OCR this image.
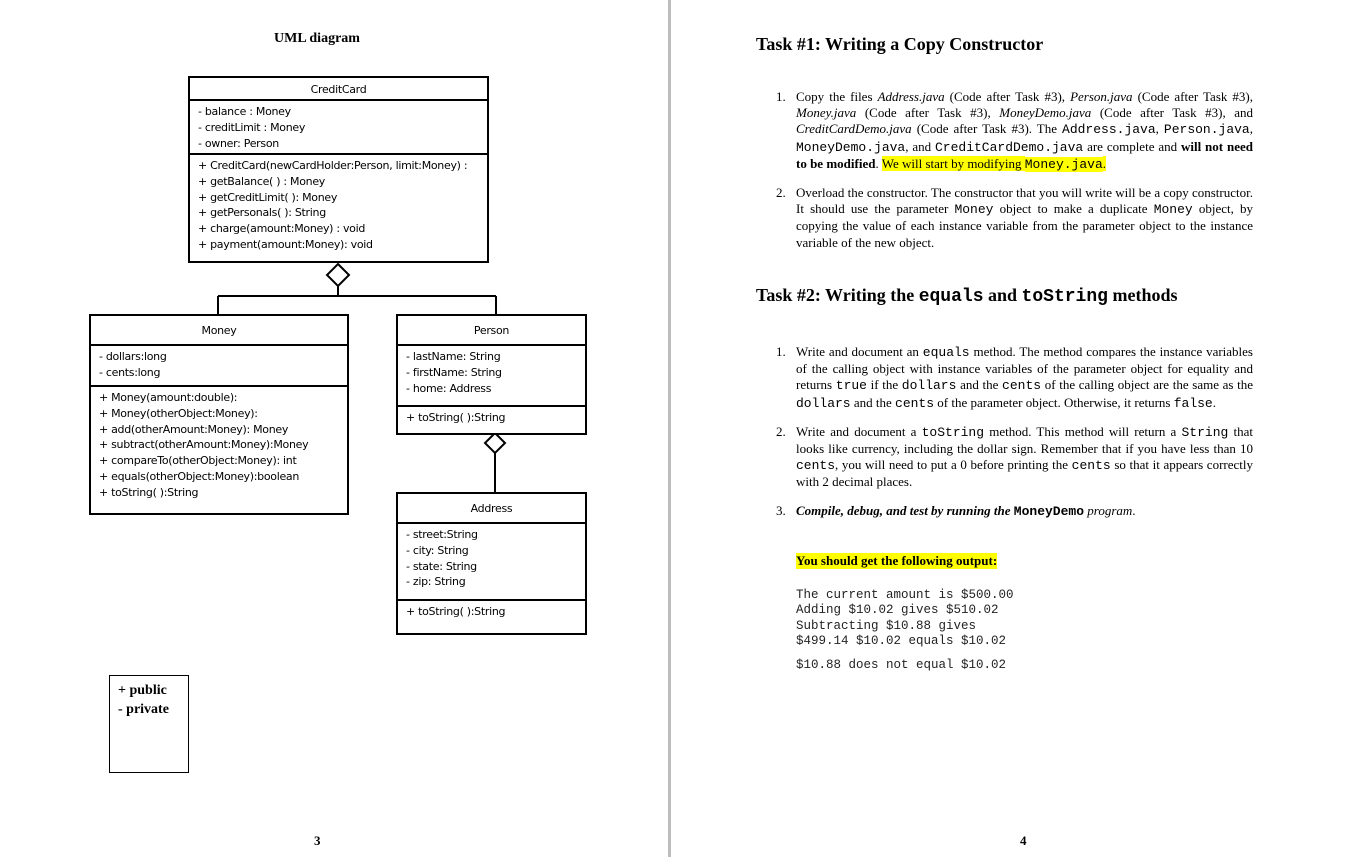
UML diagram
CreditCard
- balance : Money
- creditLimit : Money
- owner: Person
+ CreditCard(newCardHolder:Person, limit:Money) :
+ getBalance( ) : Money
+ getCreditLimit( ): Money
+ getPersonals( ): String
+ charge(amount:Money) : void
+ payment(amount:Money): void
Money
- dollars:long
- cents:long
+ Money(amount:double):
+ Money(otherObject:Money):
+ add(otherAmount:Money): Money
+ subtract(otherAmount:Money):Money
+ compareTo(otherObject:Money): int
+ equals(otherObject:Money):boolean
+ toString( ):String
Person
- lastName: String
- firstName: String
- home: Address
+ toString( ):String
Address
- street:String
- city: String
- state: String
- zip: String
+ toString( ):String
+ public
- private
3
Task #1: Writing a Copy Constructor
1. Copy the files Address.java (Code after Task #3), Person.java (Code after Task #3), Money.java (Code after Task #3), MoneyDemo.java (Code after Task #3), and CreditCardDemo.java (Code after Task #3). The Address.java, Person.java, MoneyDemo.java, and CreditCardDemo.java are complete and will not need to be modified. We will start by modifying Money.java.
2. Overload the constructor. The constructor that you will write will be a copy constructor. It should use the parameter Money object to make a duplicate Money object, by copying the value of each instance variable from the parameter object to the instance variable of the new object.
Task #2: Writing the equals and toString methods
1. Write and document an equals method. The method compares the instance variables of the calling object with instance variables of the parameter object for equality and returns true if the dollars and the cents of the calling object are the same as the dollars and the cents of the parameter object. Otherwise, it returns false.
2. Write and document a toString method. This method will return a String that looks like currency, including the dollar sign. Remember that if you have less than 10 cents, you will need to put a 0 before printing the cents so that it appears correctly with 2 decimal places.
3. Compile, debug, and test by running the MoneyDemo program.
You should get the following output:
The current amount is $500.00
Adding $10.02 gives $510.02
Subtracting $10.88 gives
$499.14 $10.02 equals $10.02
$10.88 does not equal $10.02
4
